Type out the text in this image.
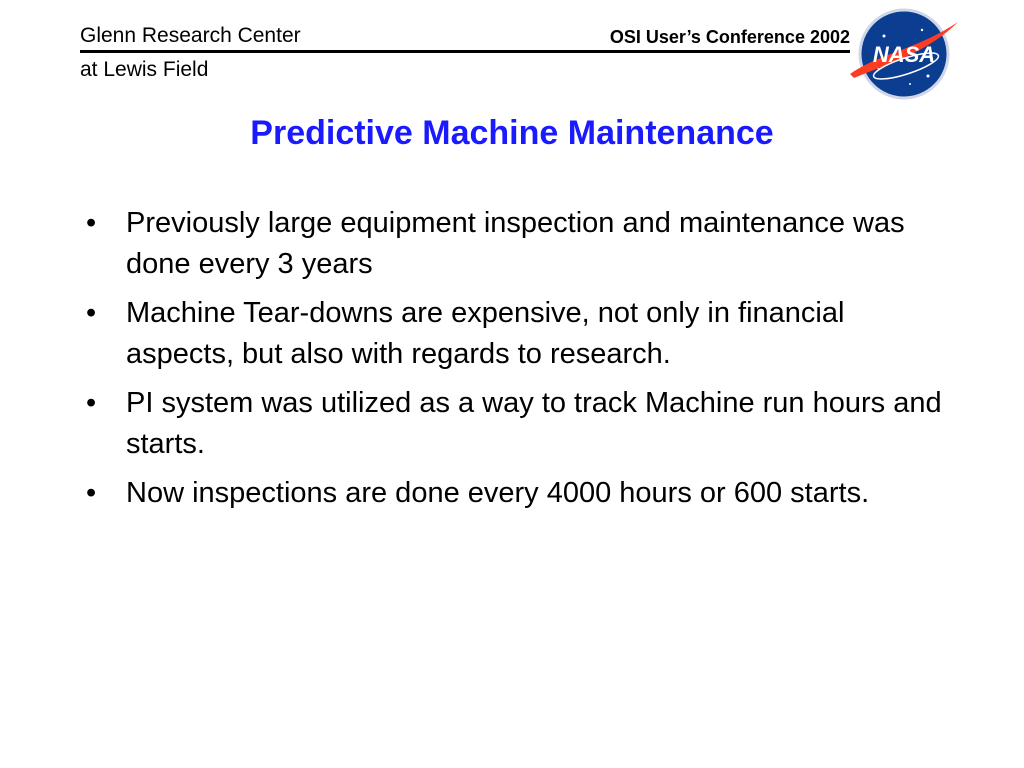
Glenn Research Center
at Lewis Field
OSI User’s Conference 2002
NASA
Predictive Machine Maintenance
• Previously large equipment inspection and maintenance was done every 3 years
• Machine Tear-downs are expensive, not only in financial aspects, but also with regards to research.
• PI system was utilized as a way to track Machine run hours and starts.
• Now inspections are done every 4000 hours or 600 starts.
